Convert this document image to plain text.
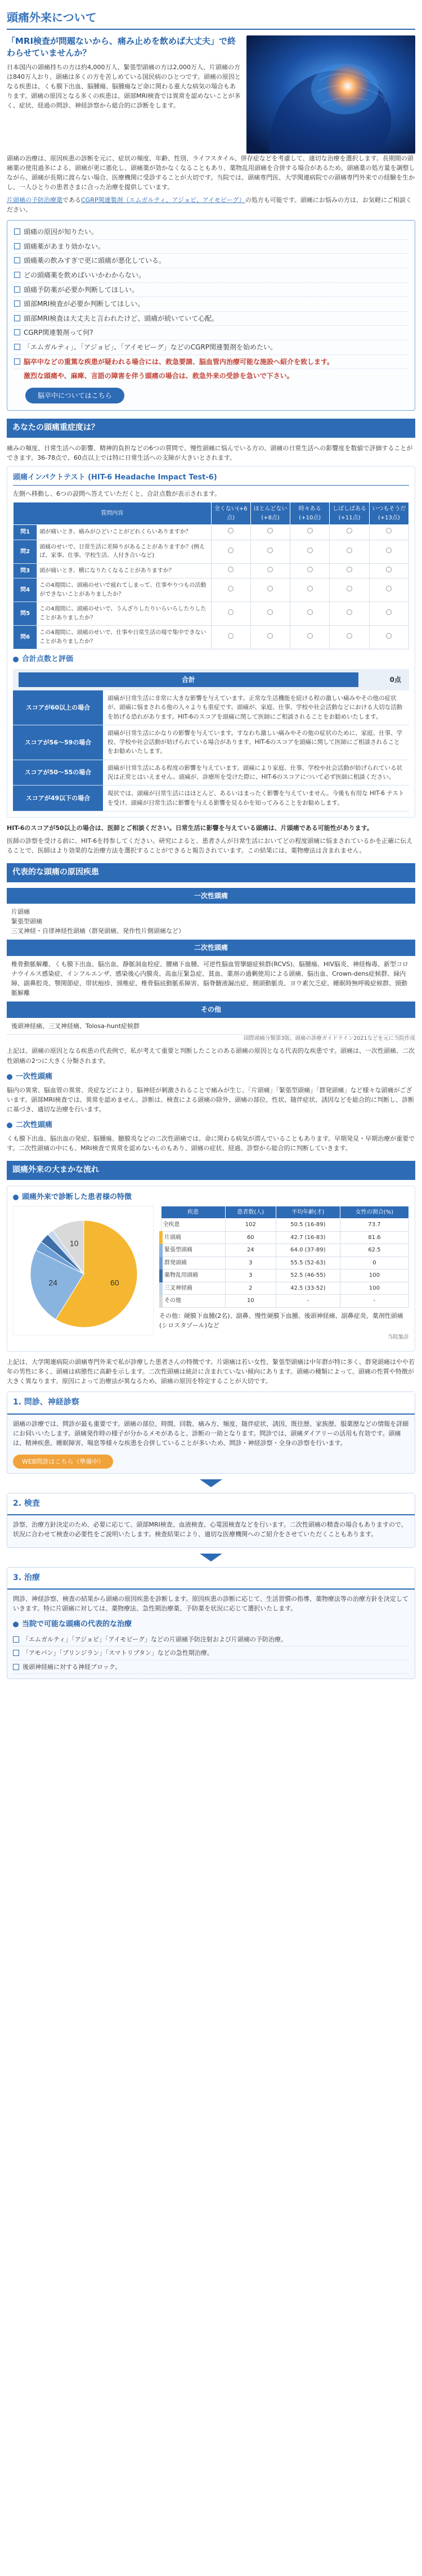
頭痛外来について
「MRI検査が問題ないから、痛み止めを飲めば大丈夫」で終わらせていませんか？

日本国内の頭痛持ちの方は約4,000万人、緊張型頭痛の方は2,000万人、片頭痛の方は840万人おり、頭痛は多くの方を苦しめている国民病のひとつです。頭痛の原因となる疾患は、くも膜下出血、脳腫瘍、脳腫瘍など命に関わる重大な病気の場合もあります。頭痛の原因となる多くの疾患は、頭部MRI検査では異常を認めないことが多く、症状、経過の問診、神経診察から総合的に診断をします。

頭痛の治療は、原因疾患の診断を元に、症状の頻度、年齢、性別、ライフスタイル、併存症などを考慮して、適切な治療を選択します。長期間の頭痛薬の使用過多による、頭痛が更に悪化し、頭痛薬が効かなくなることもあり、薬物乱用頭痛を合併する場合があるため、頭痛薬の処方量を調整しながら、頭痛が長期に渡らない場合、医療機関に受診することが大切です。当院では、頭痛専門医、大学関連病院での頭痛専門外来での経験を生かし、一人ひとりの患者さまに合った治療を提供しています。

片頭痛の予防治療薬であるCGRP関連製剤（エムガルティ、アジョビ、アイモビーグ）の処方も可能です。頭痛にお悩みの方は、お気軽にご相談ください。

頭痛の原因が知りたい。
頭痛薬があまり効かない。
頭痛薬の飲みすぎで更に頭痛が悪化している。
どの頭痛薬を飲めばいいかわからない。
頭痛予防薬が必要か判断してほしい。
頭部MRI検査が必要か判断してほしい。
頭部MRI検査は大丈夫と言われたけど、頭痛が続いていて心配。
CGRP関連製剤って何?
「エムガルティ」、「アジョビ」、「アイモビーグ」などのCGRP関連製剤を始めたい。
脳卒中などの重篤な疾患が疑われる場合には、救急要請、脳血管内治療可能な施設へ紹介を致します。
激烈な頭痛や、麻痺、言語の障害を伴う頭痛の場合は、救急外来の受診を急いで下さい。
脳卒中についてはこちら
あなたの頭痛重症度は？

痛みの頻度、日常生活への影響、精神的負担などの6つの質問で、慢性頭痛に悩んでいる方の、頭痛の日常生活への影響度を数値で評価することができます。36-78点で、60点以上では特に日常生活への支障が大きいとされます。

頭痛インパクトテスト (HIT-6 Headache Impact Test-6)

左側へ移動し、6つの設問へ答えていただくと、合計点数が表示されます。

質問内容		全くない(+6点)	ほとんどない(+8点)	時々ある(+10点)	しばしばある(+11点)	いつもそうだ(+13点)
問1	頭が痛いとき、痛みがひどいことがどれくらいありますか？					
問2	頭痛のせいで、日常生活に差障りがあることがありますか？(例えば、家事、仕事、学校生活、人付き合いなど)					
問3	頭が痛いとき、横になりたくなることがありますか？					
問4	この4週間に、頭痛のせいで疲れてしまって、仕事やりつもの活動ができないことがありましたか？					
問5	この4週間に、頭痛のせいで、うんざりしたりいらいらしたりしたことがありましたか？					
問6	この4週間に、頭痛のせいで、仕事や日常生活の場で集中できないことがありましたか？					
合計点数と評価
合計	0点
スコアが60以上の場合
頭痛が日常生活に非常に大きな影響を与えています。正常な生活機能を続ける程の激しい痛みやその他の症状が、頭痛に悩まされる他の人々よりも重症です。頭痛が、家庭、仕事、学校や社会活動などにおける大切な活動を妨げる恐れがあります。HIT-6のスコアを頭痛に関して医師にご相談されることをお勧めいたします。
スコアが56〜59の場合
頭痛が日常生活にかなりの影響を与えています。すなわち激しい痛みやその他の症状のために、家庭、仕事、学校、学校や社会活動が妨げられている場合があります。HIT-6のスコアを頭痛に関して医師にご相談されることをお勧めいたします。
スコアが50〜55の場合
頭痛が日常生活にある程度の影響を与えています。頭痛により家庭、仕事、学校や社会活動が妨げられている状況は正常とはいえません。頭痛が、診療所を受けた際に、HIT-6のスコアについて必ず医師に相談ください。
スコアが49以下の場合
現状では、頭痛が日常生活にはほとんど、あるいはまったく影響を与えていません。今後も有用な HIT-6 テストを受け、頭痛が日常生活に影響を与える影響を見るかを知ってみることをお勧めします。

HIT-6のスコアが50以上の場合は、医師とご相談ください。日常生活に影響を与えている頭痛は、片頭痛である可能性があります。

医師の診察を受ける前に、HIT-6を持参してください。研究によると、患者さんが日常生活においてどの程度頭痛に悩まされているかを正確に伝えることで、医師はより効果的な治療方法を選択することができると報告されています。この結果には、薬物療法は含まれません。

代表的な頭痛の原因疾患
一次性頭痛
片頭痛
緊張型頭痛
三叉神経・自律神経性頭痛（群発頭痛、発作性片側頭痛など）
二次性頭痛
椎骨動脈解離、くも膜下出血、脳出血、静脈洞血栓症、腰痛下血腫、可逆性脳血管攣縮症候群(RCVS)、脳腫瘍、HIV脳炎、神経梅毒、新型コロナウイルス感染症、インフルエンザ、感染後心内膜炎、高血圧緊急症、貧血、薬剤の過剰使用による頭痛、脳出血、Crown-dens症候群、緑内障、副鼻腔炎、顎関節症、帯状疱疹、頸椎症、椎骨脳底動脈系障害、脳脊髄液漏出症、側頭動脈炎、ヨウ素欠乏症、睡眠時無呼吸症候群、頸動脈解離
その他
後頭神経痛、三叉神経痛、Tolosa-hunt症候群

国際頭痛分類第3版。頭痛の診療ガイドライン2021などを元に当院作成

上記は、頭痛の原因となる疾患の代表例で、私が考えて重要と判断したことのある頭痛の原因となる代表的な疾患です。頭痛は、一次性頭痛、二次性頭痛の2つに大きく分類されます。

一次性頭痛

脳内の異常、脳血管の異常、炎症などにより、脳神経が刺激されることで痛みが生じ、「片頭痛」「緊張型頭痛」「群発頭痛」など様々な頭痛がございます。頭部MRI検査では、異常を認めません。診断は、検査による頭痛の除外、頭痛の部位、性状、随伴症状、誘因などを総合的に判断し、診断に基づき、適切な治療を行います。

二次性頭痛

くも膜下出血、脳出血の発症、脳腫瘍、髄膜炎などの二次性頭痛では、命に関わる病気が潜んでいることもあります。早期発見・早期治療が重要です。二次性頭痛の中にも、MRI検査で異常を認めないものもあり、頭痛の症状、経過、診察から総合的に判断していきます。

頭痛外来の大まかな流れ
頭痛外来で診断した患者様の特徴
60
24
10
疾患	患者数(人)	平均年齢(才)	女性の割合(%)
全疾患	102	50.5 (16-89)	73.7
片頭痛	60	42.7 (16-83)	81.6
緊張型頭痛	24	64.0 (37-89)	62.5
群発頭痛	3	55.5 (52-63)	0
薬物乱用頭痛	3	52.5 (46-55)	100
三叉神経痛	2	42.5 (33-52)	100
その他	10	-	-

その他：硬膜下血腫(2名)、副鼻、慢性硬膜下血腫、後頭神経痛、副鼻症炎、薬剤性頭痛(シロスタゾール)など

当院集計

上記は、大学関連病院の頭痛専門外来で私が診療した患者さんの特徴です。片頭痛は若い女性、緊張型頭痛は中年群が特に多く、群発頭痛はやや若年の男性に多く、頭痛は病態性に高齢を示します。二次性頭痛は統計に含まれていない傾向にあります。頭痛の種類によって、頭痛の性質や特徴が大きく異なります。原因によって治療法が異なるため、頭痛の原因を特定することが大切です。

1. 問診、神経診察

頭痛の診療では、問診が最も重要です。頭痛の部位、時間、回数、痛み方、頻度、随伴症状、誘因、既往歴、家族歴、服薬歴などの情報を詳細にお伺いいたします。頭痛発作時の様子が分かるメモがあると、診断の一助となります。問診では、頭痛ダイアリーの活用も有効です。頭痛は、精神疾患、睡眠障害、喘息等様々な疾患を合併していることが多いため、問診・神経診察・全身の診察を行います。

WEB問診はこちら（準備中）
2. 検査

診察、治療方針決定のため、必要に応じて、頭部MRI検査、血液検査、心電図検査などを行います。二次性頭痛の精査の場合もありますので、状況に合わせて検査の必要性をご説明いたします。検査結果により、適切な医療機関へのご紹介をさせていただくこともあります。

3. 治療

問診、神経診察、検査の結果から頭痛の原因疾患を診断します。原因疾患の診断に応じて、生活習慣の指導、薬物療法等の治療方針を決定していきます。特に片頭痛に対しては、薬物療法、急性期治療薬、予防薬を状況に応じて選択いたします。

当院で可能な頭痛の代表的な治療
「エムガルティ」「アジョビ」「アイモビーグ」などの片頭痛予防注射および片頭痛の予防治療。
「アモバン」「ブリンジラン」「スマトリプタン」などの急性期治療。
後頭神経痛に対する神経ブロック。
